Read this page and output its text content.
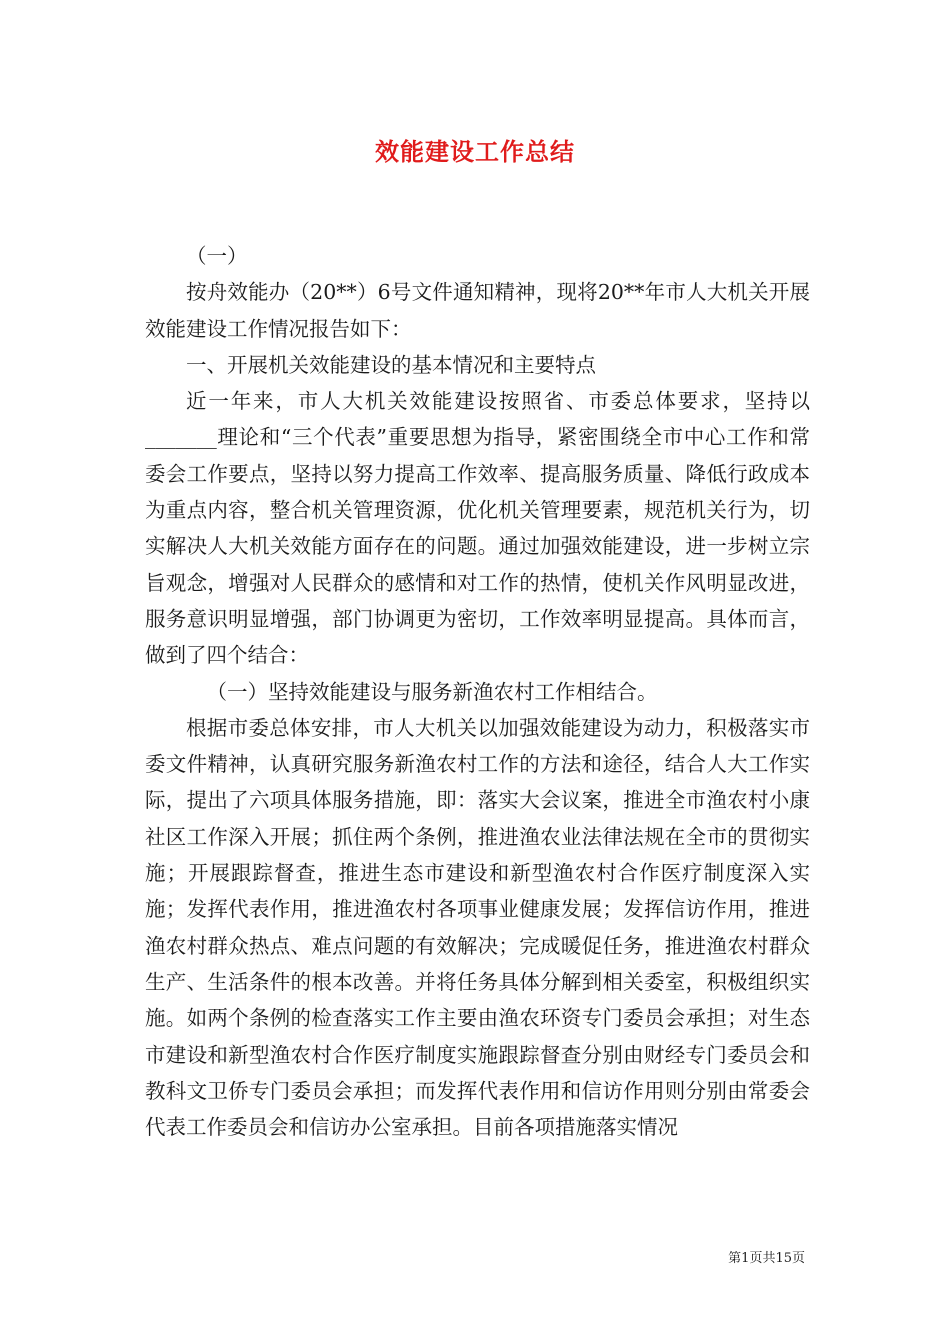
效能建设工作总结

（一）

按舟效能办（20**）6号文件通知精神，现将20**年市人大机关开展效能建设工作情况报告如下：

一、开展机关效能建设的基本情况和主要特点

近一年来，市人大机关效能建设按照省、市委总体要求，坚持以_______理论和“三个代表”重要思想为指导，紧密围绕全市中心工作和常委会工作要点，坚持以努力提高工作效率、提高服务质量、降低行政成本为重点内容，整合机关管理资源，优化机关管理要素，规范机关行为，切实解决人大机关效能方面存在的问题。通过加强效能建设，进一步树立宗旨观念，增强对人民群众的感情和对工作的热情，使机关作风明显改进，服务意识明显增强，部门协调更为密切，工作效率明显提高。具体而言，做到了四个结合：

（一）坚持效能建设与服务新渔农村工作相结合。

根据市委总体安排，市人大机关以加强效能建设为动力，积极落实市委文件精神，认真研究服务新渔农村工作的方法和途径，结合人大工作实际，提出了六项具体服务措施，即：落实大会议案，推进全市渔农村小康社区工作深入开展；抓住两个条例，推进渔农业法律法规在全市的贯彻实施；开展跟踪督查，推进生态市建设和新型渔农村合作医疗制度深入实施；发挥代表作用，推进渔农村各项事业健康发展；发挥信访作用，推进渔农村群众热点、难点问题的有效解决；完成暖促任务，推进渔农村群众生产、生活条件的根本改善。并将任务具体分解到相关委室，积极组织实施。如两个条例的检查落实工作主要由渔农环资专门委员会承担；对生态市建设和新型渔农村合作医疗制度实施跟踪督查分别由财经专门委员会和教科文卫侨专门委员会承担；而发挥代表作用和信访作用则分别由常委会代表工作委员会和信访办公室承担。目前各项措施落实情况

第1页共15页
